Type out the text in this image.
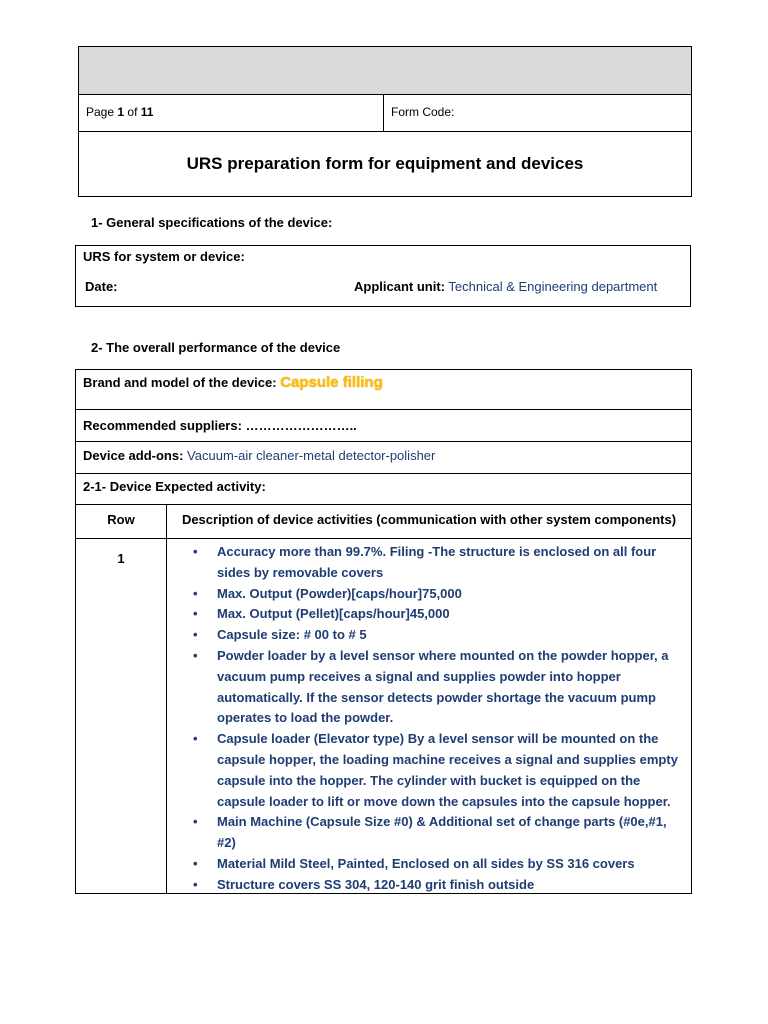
Page 1 of 11	Form Code:
URS preparation form for equipment and devices
1- General specifications of the device:
URS for system or device:
Date:	Applicant unit: Technical & Engineering department
2- The overall performance of the device
Brand and model of the device: Capsule filling
Recommended suppliers: ……………………..
Device add-ons: Vacuum-air cleaner-metal detector-polisher
2-1- Device Expected activity:
Row	Description of device activities (communication with other system components)
1
•	Accuracy more than 99.7%. Filing -The structure is enclosed on all four sides by removable covers
• Max. Output (Powder)[caps/hour]75,000
• Max. Output (Pellet)[caps/hour]45,000
• Capsule size: # 00 to # 5
• Powder loader by a level sensor where mounted on the powder hopper, a vacuum pump receives a signal and supplies powder into hopper automatically. If the sensor detects powder shortage the vacuum pump operates to load the powder.
• Capsule loader (Elevator type) By a level sensor will be mounted on the capsule hopper, the loading machine receives a signal and supplies empty capsule into the hopper. The cylinder with bucket is equipped on the capsule loader to lift or move down the capsules into the capsule hopper.
• Main Machine (Capsule Size #0) & Additional set of change parts (#0e,#1, #2)
• Material Mild Steel, Painted, Enclosed on all sides by SS 316 covers
• Structure covers SS 304, 120-140 grit finish outside
